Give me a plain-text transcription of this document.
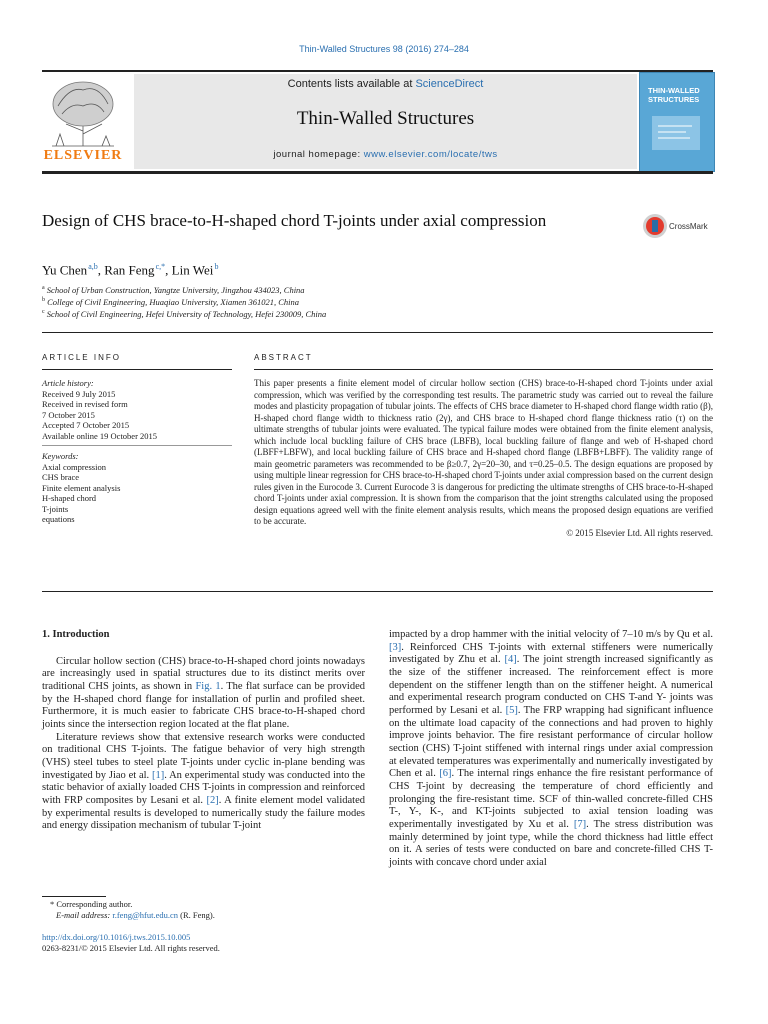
Thin-Walled Structures 98 (2016) 274–284
ELSEVIER
Contents lists available at ScienceDirect
Thin-Walled Structures
journal homepage: www.elsevier.com/locate/tws
THIN-WALLED STRUCTURES
Design of CHS brace-to-H-shaped chord T-joints under axial compression	CrossMark
Yu Chen $^{a,b}$, Ran Feng $^{c,*}$, Lin Wei $^b$
$^a$ School of Urban Construction, Yangtze University, Jingzhou 434023, China
$^b$ College of Civil Engineering, Huaqiao University, Xiamen 361021, China
$^c$ School of Civil Engineering, Hefei University of Technology, Hefei 230009, China
ARTICLE INFO
Article history:
Received 9 July 2015
Received in revised form
7 October 2015
Accepted 7 October 2015
Available online 19 October 2015
Keywords:
Axial compression
CHS brace
Finite element analysis
H-shaped chord
T-joints
equations
ABSTRACT
This paper presents a finite element model of circular hollow section (CHS) brace-to-H-shaped chord T-joints under axial compression, which was verified by the corresponding test results. The parametric study was carried out to reveal the failure modes and plasticity propagation of tubular joints. The effects of CHS brace diameter to H-shaped chord flange width ratio (β), H-shaped chord flange width to thickness ratio (2γ), and CHS brace to H-shaped chord flange thickness ratio (τ) on the ultimate strengths of tubular joints were evaluated. The typical failure modes were obtained from the finite element analysis, which include local buckling failure of CHS brace (LBFB), local buckling failure of flange and web of H-shaped chord (LBFF+LBFW), and local buckling failure of CHS brace and H-shaped chord flange (LBFB+LBFF). The validity range of main geometric parameters was recommended to be β≥0.7, 2γ=20–30, and τ=0.25–0.5. The design equations are proposed by using multiple linear regression for CHS brace-to-H-shaped chord T-joints under axial compression based on the current design rules given in the Eurocode 3. Current Eurocode 3 is dangerous for predicting the ultimate strengths of CHS brace-to-H-shaped chord T-joints under axial compression. It is shown from the comparison that the joint strengths calculated using the proposed design equations agreed well with the finite element analysis results, which means the proposed design equations are verified to be accurate.
© 2015 Elsevier Ltd. All rights reserved.
1. Introduction

Circular hollow section (CHS) brace-to-H-shaped chord joints nowadays are increasingly used in spatial structures due to its distinct merits over traditional CHS joints, as shown in Fig. 1. The flat surface can be provided by the H-shaped chord flange for installation of purlin and profiled sheet. Furthermore, it is much easier to fabricate CHS brace-to-H-shaped chord joints since the intersection region located at the flat plane.

Literature reviews show that extensive research works were conducted on traditional CHS T-joints. The fatigue behavior of very high strength (VHS) steel tubes to steel plate T-joints under cyclic in-plane bending was investigated by Jiao et al. [1]. An experimental study was conducted into the static behavior of axially loaded CHS T-joints in compression and reinforced with FRP composites by Lesani et al. [2]. A finite element model validated by experimental results is developed to numerically study the failure modes and energy dissipation mechanism of tubular T-joint

impacted by a drop hammer with the initial velocity of 7–10 m/s by Qu et al. [3]. Reinforced CHS T-joints with external stiffeners were numerically investigated by Zhu et al. [4]. The joint strength increased significantly as the size of the stiffener increased. The reinforcement effect is more dependent on the stiffener length than on the stiffener height. A numerical and experimental research program conducted on CHS T-and Y- joints was performed by Lesani et al. [5]. The FRP wrapping had significant influence on the ultimate load capacity of the connections and had proven to highly improve joints behavior. The fire resistant performance of circular hollow section (CHS) T-joint stiffened with internal rings under axial compression at elevated temperatures was experimentally and numerically investigated by Chen et al. [6]. The internal rings enhance the fire resistant performance of CHS T-joint by decreasing the temperature of chord efficiently and prolonging the fire-resistant time. SCF of thin-walled concrete-filled CHS T-, Y-, K-, and KT-joints subjected to axial tension loading was experimentally investigated by Xu et al. [7]. The stress distribution was mainly determined by joint type, while the chord thickness had little effect on it. A series of tests were conducted on bare and concrete-filled CHS T-joints with concave chord under axial

* Corresponding author.
E-mail address: r.feng@hfut.edu.cn (R. Feng).
http://dx.doi.org/10.1016/j.tws.2015.10.005
0263-8231/© 2015 Elsevier Ltd. All rights reserved.
